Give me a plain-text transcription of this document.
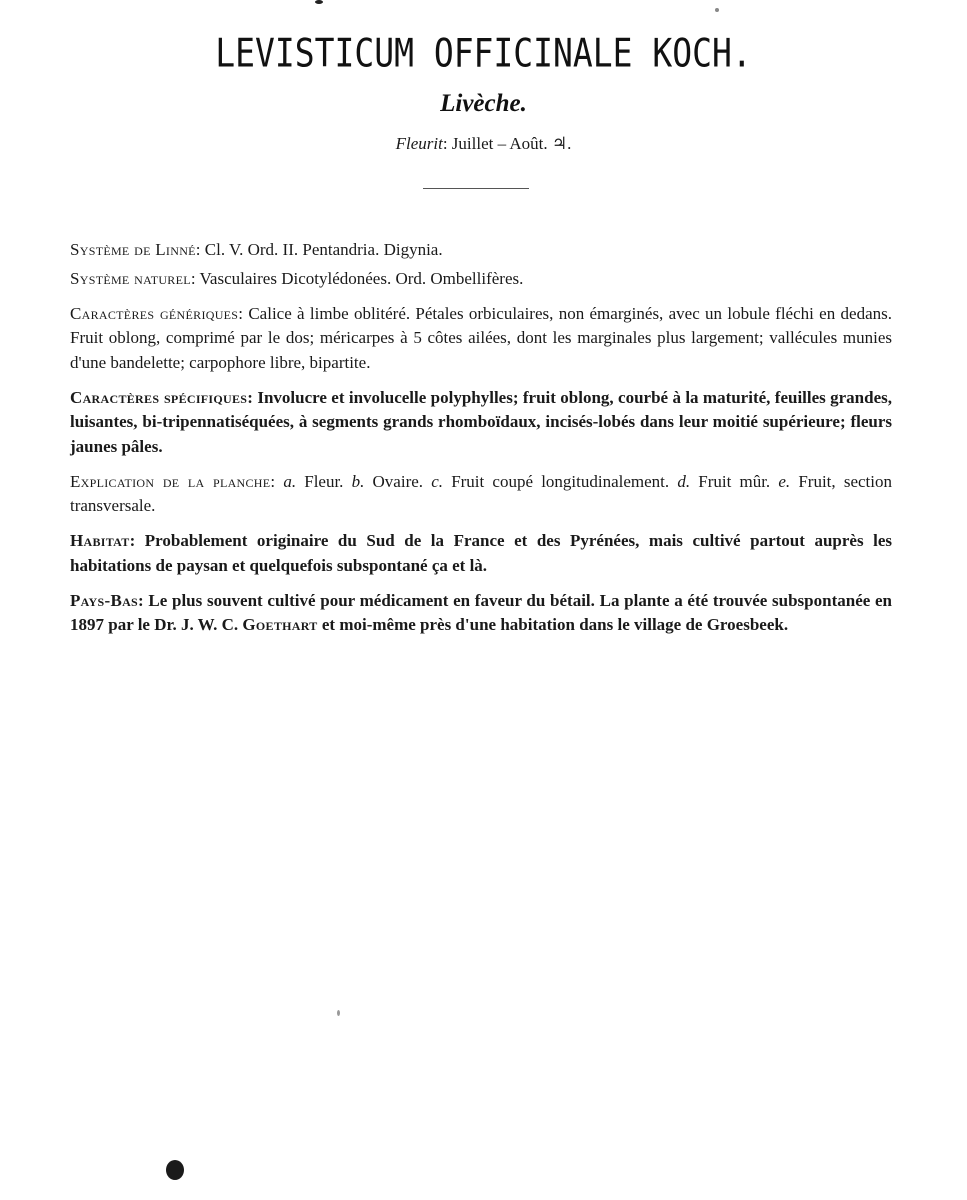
LEVISTICUM OFFICINALE KOCH.
Livèche.
Fleurit: Juillet – Août. ♃.

Système de Linné: Cl. V. Ord. II. Pentandria. Digynia.

Système naturel: Vasculaires Dicotylédonées. Ord. Ombellifères.

Caractères génériques: Calice à limbe oblitéré. Pétales orbiculaires, non émarginés, avec un lobule fléchi en dedans. Fruit oblong, comprimé par le dos; méricarpes à 5 côtes ailées, dont les marginales plus largement; vallécules munies d'une bandelette; carpophore libre, bipartite.

Caractères spécifiques: Involucre et involucelle polyphylles; fruit oblong, courbé à la maturité, feuilles grandes, luisantes, bi-tripennatiséquées, à segments grands rhomboïdaux, incisés-lobés dans leur moitié supérieure; fleurs jaunes pâles.

Explication de la planche: a. Fleur. b. Ovaire. c. Fruit coupé longitudinalement. d. Fruit mûr. e. Fruit, section transversale.

Habitat: Probablement originaire du Sud de la France et des Pyrénées, mais cultivé partout auprès les habitations de paysan et quelquefois subspontané ça et là.

Pays-Bas: Le plus souvent cultivé pour médicament en faveur du bétail. La plante a été trouvée subspontanée en 1897 par le Dr. J. W. C. Goethart et moi-même près d'une habitation dans le village de Groesbeek.
